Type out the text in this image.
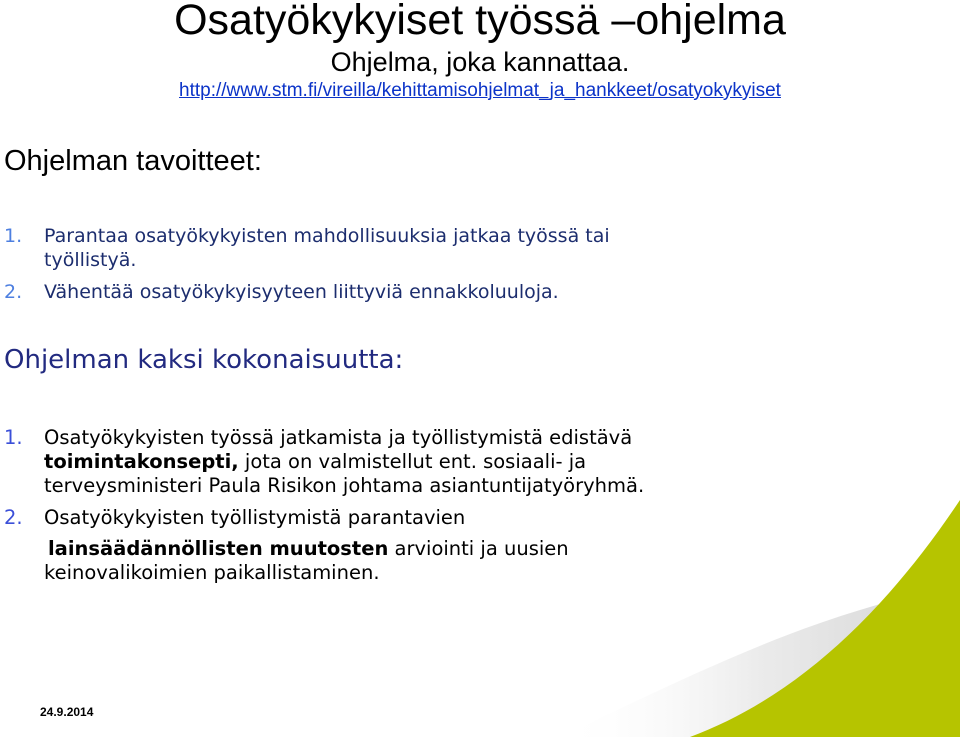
Osatyökykyiset työssä –ohjelma
Ohjelma, joka kannattaa.
http://www.stm.fi/vireilla/kehittamisohjelmat_ja_hankkeet/osatyokykyiset
Ohjelman tavoitteet:
1. Parantaa osatyökykyisten mahdollisuuksia jatkaa työssä tai
työllistyä.
2. Vähentää osatyökykyisyyteen liittyviä ennakkoluuloja.
Ohjelman kaksi kokonaisuutta:
1. Osatyökykyisten työssä jatkamista ja työllistymistä edistävä
toimintakonsepti, jota on valmistellut ent. sosiaali- ja
terveysministeri Paula Risikon johtama asiantuntijatyöryhmä.
2. Osatyökykyisten työllistymistä parantavien
lainsäädännöllisten muutosten arviointi ja uusien
keinovalikoimien paikallistaminen.
24.9.2014
